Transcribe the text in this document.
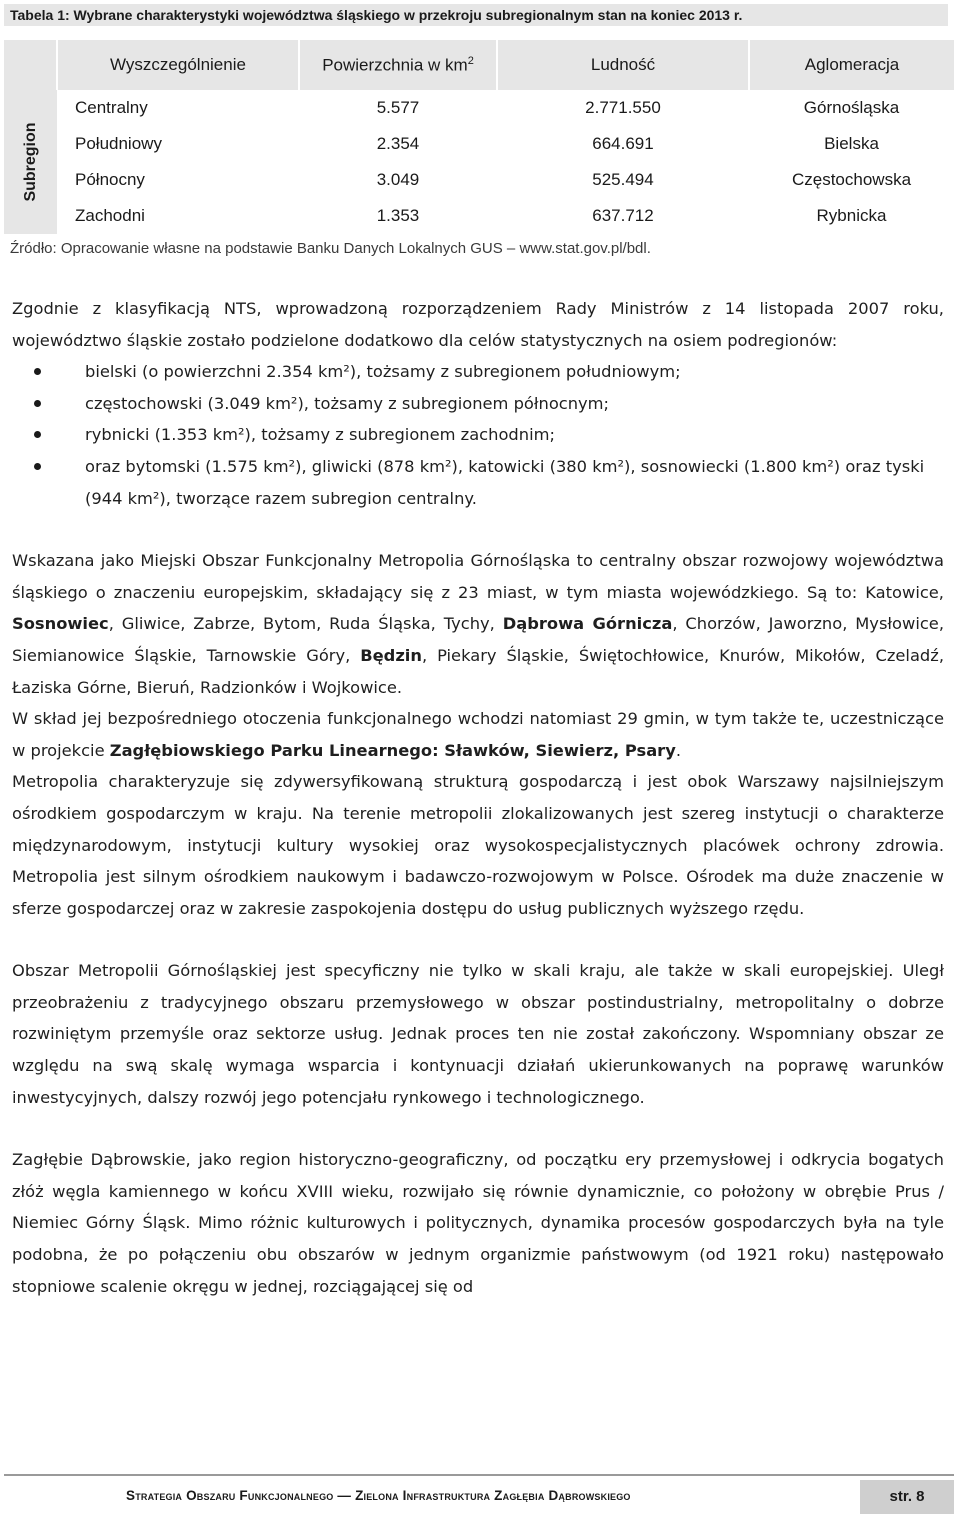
Tabela 1: Wybrane charakterystyki województwa śląskiego w przekroju subregionalnym stan na koniec 2013 r.
	Wyszczególnienie	Powierzchnia w $km^2$	Ludność	Aglomeracja

Subregion	Centralny	5.577	2.771.550	Górnośląska
	Południowy	2.354	664.691	Bielska
	Północny	3.049	525.494	Częstochowska
	Zachodni	1.353	637.712	Rybnicka
Źródło: Opracowanie własne na podstawie Banku Danych Lokalnych GUS – www.stat.gov.pl/bdl.

Zgodnie z klasyfikacją NTS, wprowadzoną rozporządzeniem Rady Ministrów z 14 listopada 2007 roku, województwo śląskie zostało podzielone dodatkowo dla celów statystycznych na osiem podregionów:

bielski (o powierzchni 2.354 km²), tożsamy z subregionem południowym;
częstochowski (3.049 km²), tożsamy z subregionem północnym;
rybnicki (1.353 km²), tożsamy z subregionem zachodnim;
oraz bytomski (1.575 km²), gliwicki (878 km²), katowicki (380 km²), sosnowiecki (1.800 km²) oraz tyski (944 km²), tworzące razem subregion centralny.

Wskazana jako Miejski Obszar Funkcjonalny Metropolia Górnośląska to centralny obszar rozwojowy województwa śląskiego o znaczeniu europejskim, składający się z 23 miast, w tym miasta wojewódzkiego. Są to: Katowice, Sosnowiec, Gliwice, Zabrze, Bytom, Ruda Śląska, Tychy, Dąbrowa Górnicza, Chorzów, Jaworzno, Mysłowice, Siemianowice Śląskie, Tarnowskie Góry, Będzin, Piekary Śląskie, Świętochłowice, Knurów, Mikołów, Czeladź, Łaziska Górne, Bieruń, Radzionków i Wojkowice.

W skład jej bezpośredniego otoczenia funkcjonalnego wchodzi natomiast 29 gmin, w tym także te, uczestniczące w projekcie Zagłębiowskiego Parku Linearnego: Sławków, Siewierz, Psary.

Metropolia charakteryzuje się zdywersyfikowaną strukturą gospodarczą i jest obok Warszawy najsilniejszym ośrodkiem gospodarczym w kraju. Na terenie metropolii zlokalizowanych jest szereg instytucji o charakterze międzynarodowym, instytucji kultury wysokiej oraz wysokospecjalistycznych placówek ochrony zdrowia. Metropolia jest silnym ośrodkiem naukowym i badawczo-rozwojowym w Polsce. Ośrodek ma duże znaczenie w sferze gospodarczej oraz w zakresie zaspokojenia dostępu do usług publicznych wyższego rzędu.

Obszar Metropolii Górnośląskiej jest specyficzny nie tylko w skali kraju, ale także w skali europejskiej. Uległ przeobrażeniu z tradycyjnego obszaru przemysłowego w obszar postindustrialny, metropolitalny o dobrze rozwiniętym przemyśle oraz sektorze usług. Jednak proces ten nie został zakończony. Wspomniany obszar ze względu na swą skalę wymaga wsparcia i kontynuacji działań ukierunkowanych na poprawę warunków inwestycyjnych, dalszy rozwój jego potencjału rynkowego i technologicznego.

Zagłębie Dąbrowskie, jako region historyczno-geograficzny, od początku ery przemysłowej i odkrycia bogatych złóż węgla kamiennego w końcu XVIII wieku, rozwijało się równie dynamicznie, co położony w obrębie Prus / Niemiec Górny Śląsk. Mimo różnic kulturowych i politycznych, dynamika procesów gospodarczych była na tyle podobna, że po połączeniu obu obszarów w jednym organizmie państwowym (od 1921 roku) następowało stopniowe scalenie okręgu w jednej, rozciągającej się od

Strategia Obszaru Funkcjonalnego — Zielona Infrastruktura Zagłębia Dąbrowskiego	str. 8
